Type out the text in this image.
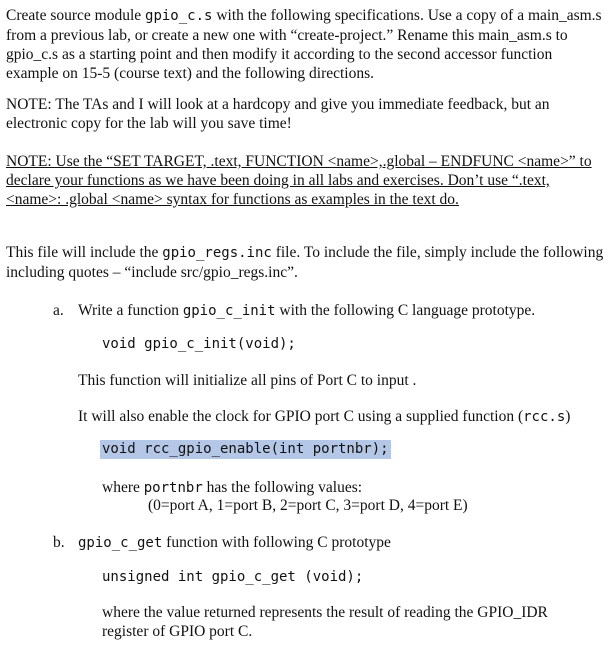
Create source module gpio_c.s with the following specifications. Use a copy of a main_asm.s from a previous lab, or create a new one with “create-project.” Rename this main_asm.s to gpio_c.s as a starting point and then modify it according to the second accessor function example on 15-5 (course text) and the following directions.
NOTE: The TAs and I will look at a hardcopy and give you immediate feedback, but an electronic copy for the lab will you save time!
NOTE: Use the “SET TARGET, .text, FUNCTION <name>,.global – ENDFUNC <name>” to declare your functions as we have been doing in all labs and exercises. Don’t use “.text, <name>: .global <name> syntax for functions as examples in the text do.
This file will include the gpio_regs.inc file. To include the file, simply include the following including quotes – “include src/gpio_regs.inc”.
a. Write a function gpio_c_init with the following C language prototype.
void gpio_c_init(void);
This function will initialize all pins of Port C to input .
It will also enable the clock for GPIO port C using a supplied function (rcc.s)
void rcc_gpio_enable(int portnbr);
where portnbr has the following values:
(0=port A, 1=port B, 2=port C, 3=port D, 4=port E)
b. gpio_c_get function with following C prototype
unsigned int gpio_c_get (void);
where the value returned represents the result of reading the GPIO_IDR register of GPIO port C.
